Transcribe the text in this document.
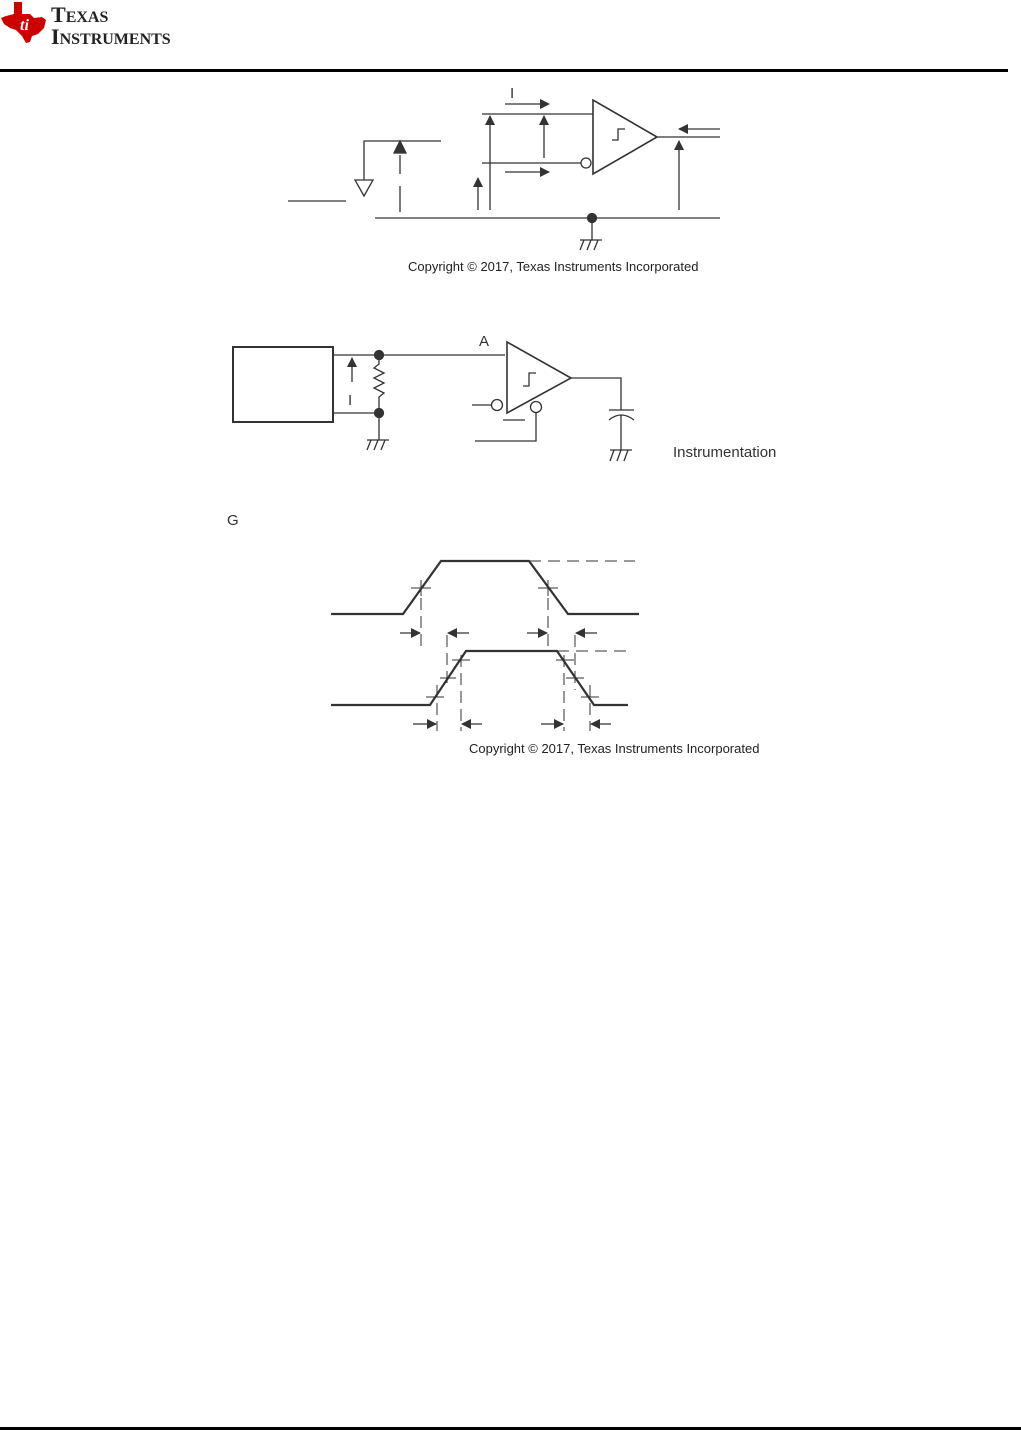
ti TEXAS
INSTRUMENTS
I
Copyright © 2017, Texas Instruments Incorporated
A
I
Instrumentation
G
Copyright © 2017, Texas Instruments Incorporated
